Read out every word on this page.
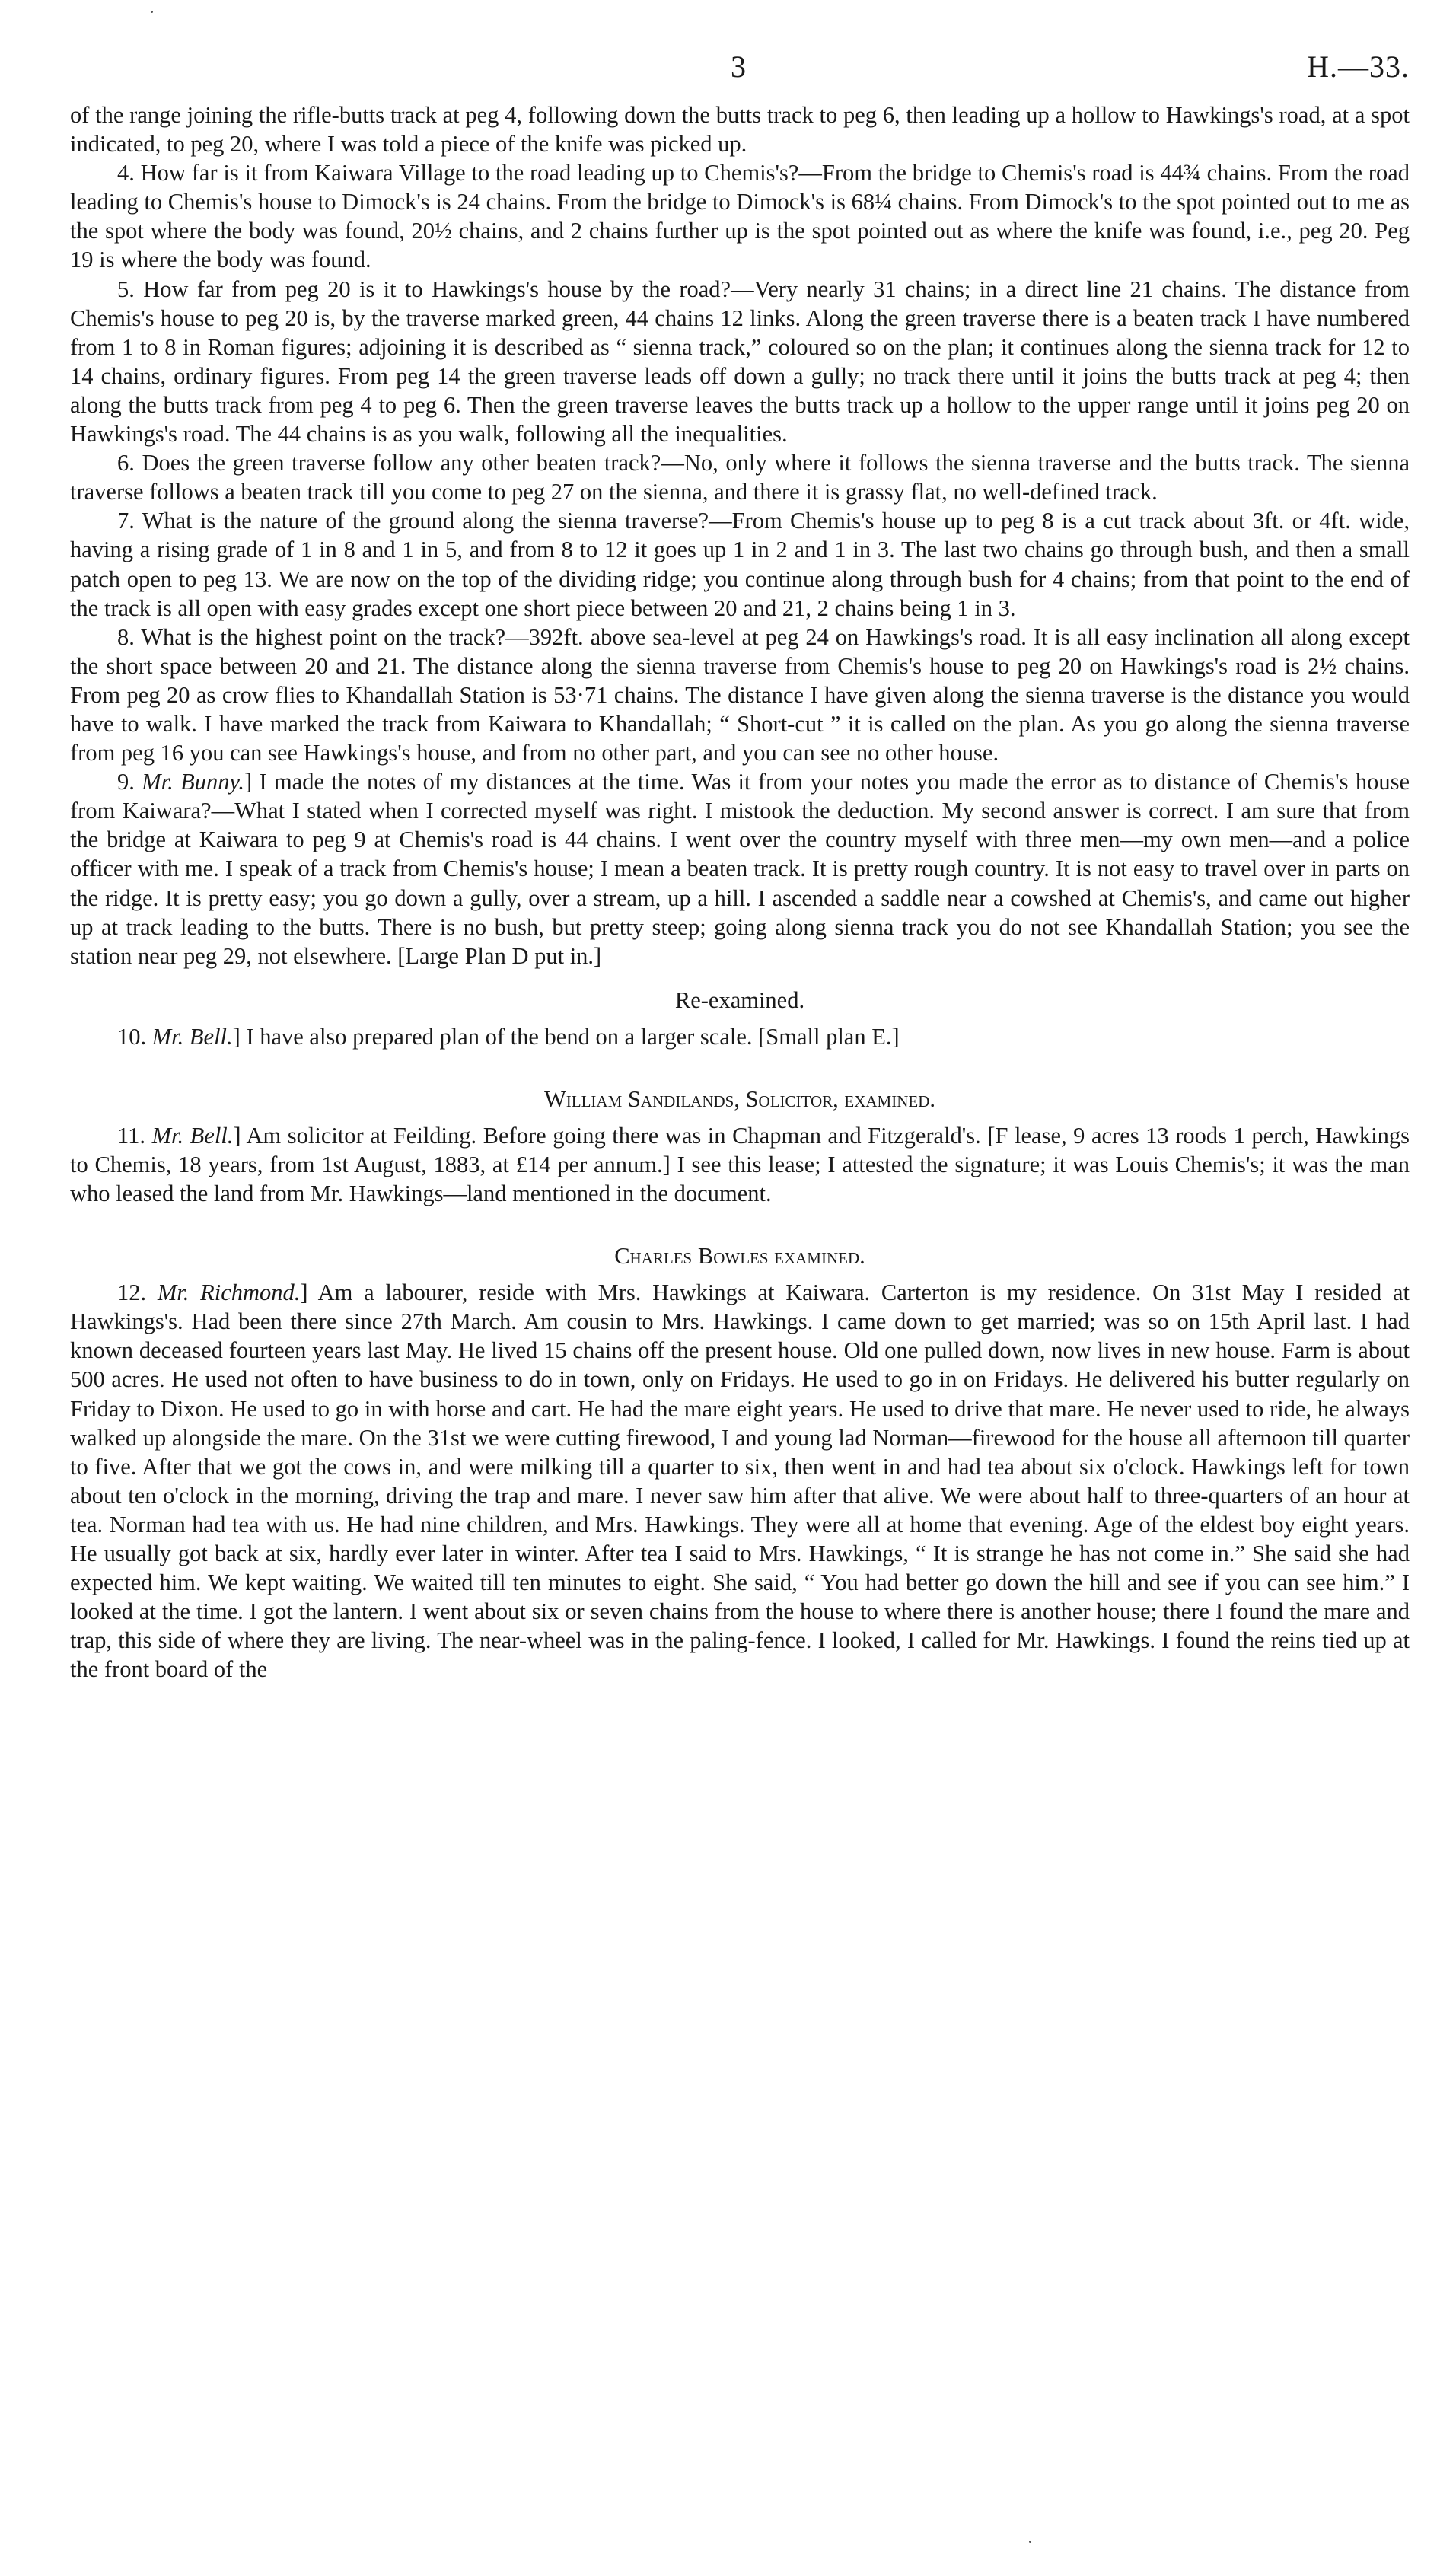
3	H.—33.

of the range joining the rifle-butts track at peg 4, following down the butts track to peg 6, then leading up a hollow to Hawkings's road, at a spot indicated, to peg 20, where I was told a piece of the knife was picked up.

4. How far is it from Kaiwara Village to the road leading up to Chemis's?—From the bridge to Chemis's road is 44¾ chains. From the road leading to Chemis's house to Dimock's is 24 chains. From the bridge to Dimock's is 68¼ chains. From Dimock's to the spot pointed out to me as the spot where the body was found, 20½ chains, and 2 chains further up is the spot pointed out as where the knife was found, i.e., peg 20. Peg 19 is where the body was found.

5. How far from peg 20 is it to Hawkings's house by the road?—Very nearly 31 chains; in a direct line 21 chains. The distance from Chemis's house to peg 20 is, by the traverse marked green, 44 chains 12 links. Along the green traverse there is a beaten track I have numbered from 1 to 8 in Roman figures; adjoining it is described as “ sienna track,” coloured so on the plan; it continues along the sienna track for 12 to 14 chains, ordinary figures. From peg 14 the green traverse leads off down a gully; no track there until it joins the butts track at peg 4; then along the butts track from peg 4 to peg 6. Then the green traverse leaves the butts track up a hollow to the upper range until it joins peg 20 on Hawkings's road. The 44 chains is as you walk, following all the inequalities.

6. Does the green traverse follow any other beaten track?—No, only where it follows the sienna traverse and the butts track. The sienna traverse follows a beaten track till you come to peg 27 on the sienna, and there it is grassy flat, no well-defined track.

7. What is the nature of the ground along the sienna traverse?—From Chemis's house up to peg 8 is a cut track about 3ft. or 4ft. wide, having a rising grade of 1 in 8 and 1 in 5, and from 8 to 12 it goes up 1 in 2 and 1 in 3. The last two chains go through bush, and then a small patch open to peg 13. We are now on the top of the dividing ridge; you continue along through bush for 4 chains; from that point to the end of the track is all open with easy grades except one short piece between 20 and 21, 2 chains being 1 in 3.

8. What is the highest point on the track?—392ft. above sea-level at peg 24 on Hawkings's road. It is all easy inclination all along except the short space between 20 and 21. The distance along the sienna traverse from Chemis's house to peg 20 on Hawkings's road is 2½ chains. From peg 20 as crow flies to Khandallah Station is 53·71 chains. The distance I have given along the sienna traverse is the distance you would have to walk. I have marked the track from Kaiwara to Khandallah; “ Short-cut ” it is called on the plan. As you go along the sienna traverse from peg 16 you can see Hawkings's house, and from no other part, and you can see no other house.

9. Mr. Bunny.] I made the notes of my distances at the time. Was it from your notes you made the error as to distance of Chemis's house from Kaiwara?—What I stated when I corrected myself was right. I mistook the deduction. My second answer is correct. I am sure that from the bridge at Kaiwara to peg 9 at Chemis's road is 44 chains. I went over the country myself with three men—my own men—and a police officer with me. I speak of a track from Chemis's house; I mean a beaten track. It is pretty rough country. It is not easy to travel over in parts on the ridge. It is pretty easy; you go down a gully, over a stream, up a hill. I ascended a saddle near a cowshed at Chemis's, and came out higher up at track leading to the butts. There is no bush, but pretty steep; going along sienna track you do not see Khandallah Station; you see the station near peg 29, not elsewhere. [Large Plan D put in.]

Re-examined.

10. Mr. Bell.] I have also prepared plan of the bend on a larger scale. [Small plan E.]

William Sandilands, Solicitor, examined.

11. Mr. Bell.] Am solicitor at Feilding. Before going there was in Chapman and Fitzgerald's. [F lease, 9 acres 13 roods 1 perch, Hawkings to Chemis, 18 years, from 1st August, 1883, at £14 per annum.] I see this lease; I attested the signature; it was Louis Chemis's; it was the man who leased the land from Mr. Hawkings—land mentioned in the document.

Charles Bowles examined.

12. Mr. Richmond.] Am a labourer, reside with Mrs. Hawkings at Kaiwara. Carterton is my residence. On 31st May I resided at Hawkings's. Had been there since 27th March. Am cousin to Mrs. Hawkings. I came down to get married; was so on 15th April last. I had known deceased fourteen years last May. He lived 15 chains off the present house. Old one pulled down, now lives in new house. Farm is about 500 acres. He used not often to have business to do in town, only on Fridays. He used to go in on Fridays. He delivered his butter regularly on Friday to Dixon. He used to go in with horse and cart. He had the mare eight years. He used to drive that mare. He never used to ride, he always walked up alongside the mare. On the 31st we were cutting firewood, I and young lad Norman—firewood for the house all afternoon till quarter to five. After that we got the cows in, and were milking till a quarter to six, then went in and had tea about six o'clock. Hawkings left for town about ten o'clock in the morning, driving the trap and mare. I never saw him after that alive. We were about half to three-quarters of an hour at tea. Norman had tea with us. He had nine children, and Mrs. Hawkings. They were all at home that evening. Age of the eldest boy eight years. He usually got back at six, hardly ever later in winter. After tea I said to Mrs. Hawkings, “ It is strange he has not come in.” She said she had expected him. We kept waiting. We waited till ten minutes to eight. She said, “ You had better go down the hill and see if you can see him.” I looked at the time. I got the lantern. I went about six or seven chains from the house to where there is another house; there I found the mare and trap, this side of where they are living. The near-wheel was in the paling-fence. I looked, I called for Mr. Hawkings. I found the reins tied up at the front board of the
